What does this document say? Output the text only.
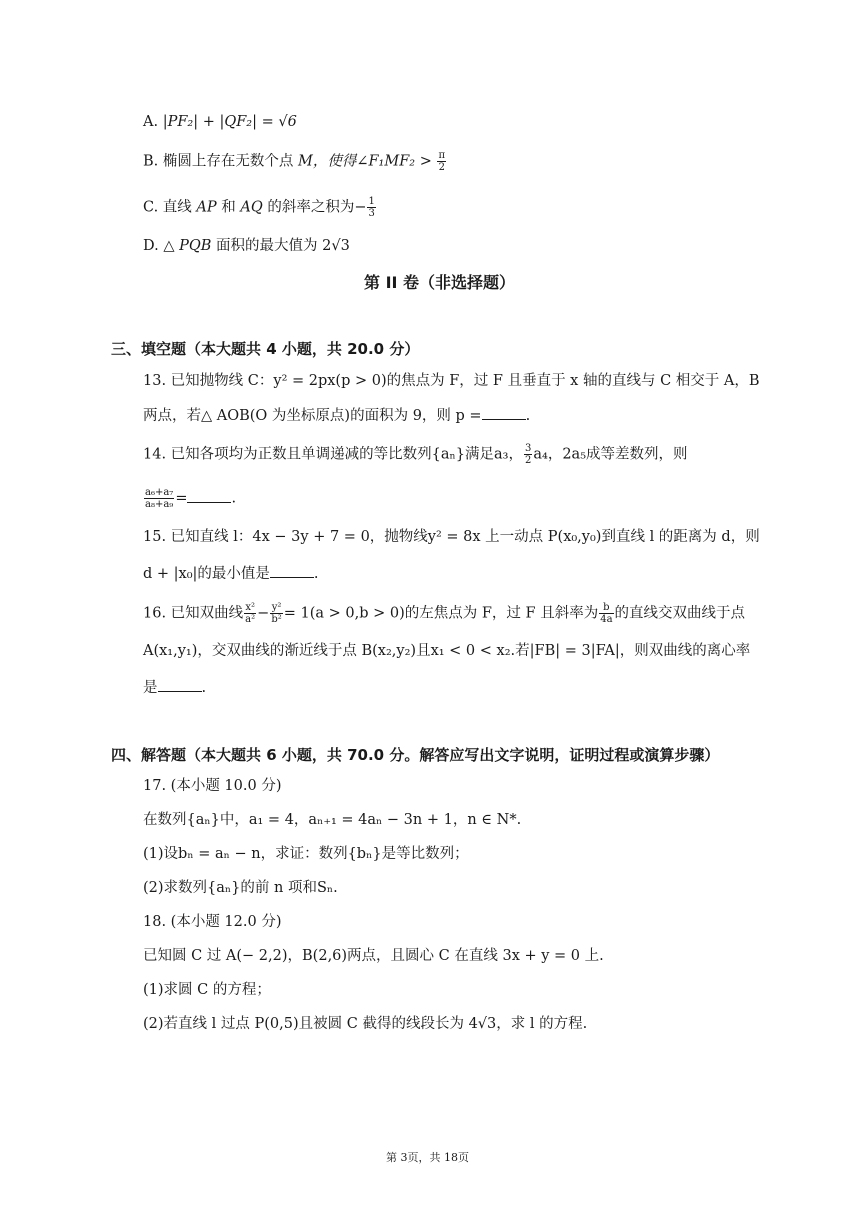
A. |PF₂| + |QF₂| = √6
B. 椭圆上存在无数个点 M，使得∠F₁MF₂ > $\frac{\pi}{2}$
C. 直线 AP 和 AQ 的斜率之积为− $\frac{1}{3}$
D. △ PQB 面积的最大值为 2√3
第 II 卷（非选择题）
三、填空题（本大题共 4 小题，共 20.0 分）
13. 已知抛物线 C：y² = 2px(p > 0)的焦点为 F，过 F 且垂直于 x 轴的直线与 C 相交于 A，B
两点，若△ AOB(O 为坐标原点)的面积为 9，则 p =	.
14. 已知各项均为正数且单调递减的等比数列{aₙ}满足a₃， $\frac{3}{2} a_4$，2a₅成等差数列，则
$\frac{\text{a₆+a₇}}{\text{a₈+a₉}}$ =	.
15. 已知直线 l：4x − 3y + 7 = 0，抛物线y² = 8x 上一动点 P(x₀,y₀)到直线 l 的距离为 d，则
d + |x₀|的最小值是	.
16. 已知双曲线 $\frac{\text{x²}}{\text{a²}} - \frac{\text{y²}}{\text{b²}} = 1(a > 0,b > 0)$的左焦点为 F，过 F 且斜率为 $\frac{b}{4a}$ 的直线交双曲线于点
A(x₁,y₁)，交双曲线的渐近线于点 B(x₂,y₂)且x₁ < 0 < x₂.若|FB| = 3|FA|，则双曲线的离心率
是	.
四、解答题（本大题共 6 小题，共 70.0 分。解答应写出文字说明，证明过程或演算步骤）
17. (本小题 10.0 分)
在数列{aₙ}中，a₁ = 4，aₙ₊₁ = 4aₙ − 3n + 1，n ∈ N*.
(1)设bₙ = aₙ − n，求证：数列{bₙ}是等比数列；
(2)求数列{aₙ}的前 n 项和Sₙ.
18. (本小题 12.0 分)
已知圆 C 过 A(− 2,2)，B(2,6)两点，且圆心 C 在直线 3x + y = 0 上.
(1)求圆 C 的方程；
(2)若直线 l 过点 P(0,5)且被圆 C 截得的线段长为 4√3，求 l 的方程.
第 3页，共 18页
